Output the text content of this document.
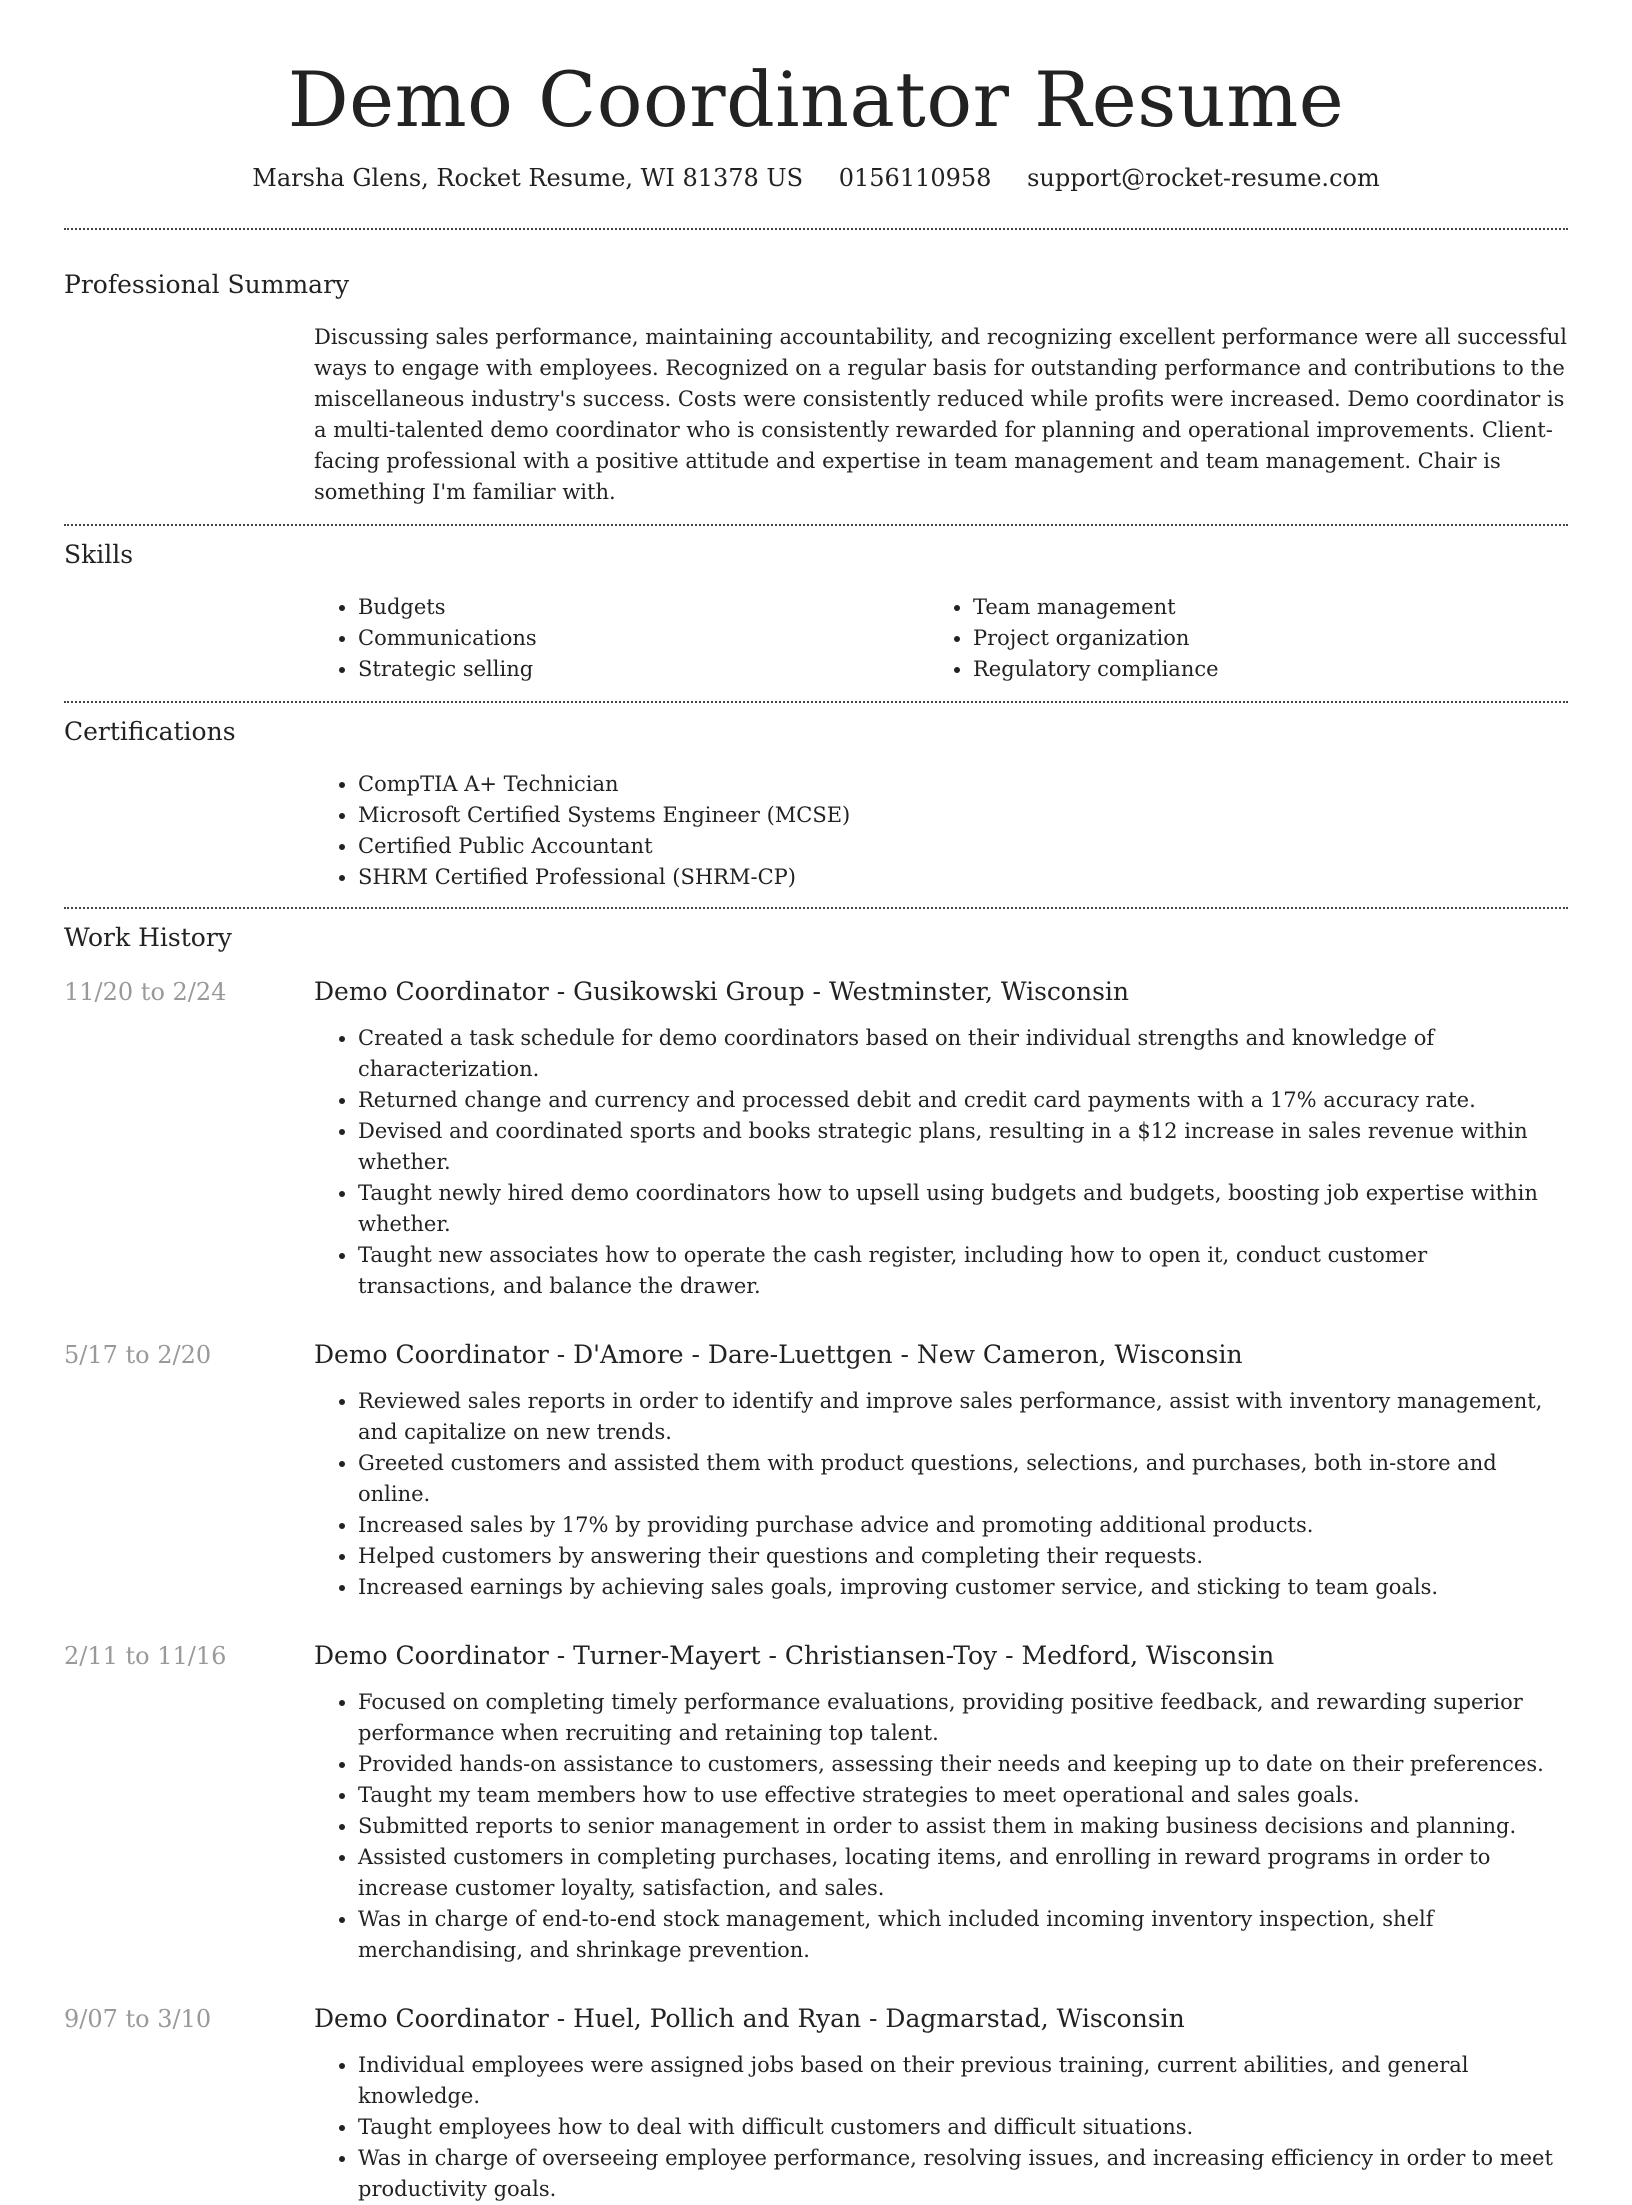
Demo Coordinator Resume
Marsha Glens, Rocket Resume, WI 81378 US 0156110958 support@rocket-resume.com
Professional Summary

Discussing sales performance, maintaining accountability, and recognizing excellent performance were all successful ways to engage with employees. Recognized on a regular basis for outstanding performance and contributions to the miscellaneous industry's success. Costs were consistently reduced while profits were increased. Demo coordinator is a multi-talented demo coordinator who is consistently rewarded for planning and operational improvements. Client-facing professional with a positive attitude and expertise in team management and team management. Chair is something I'm familiar with.

Skills
• Budgets
• Communications
• Strategic selling
• Team management
• Project organization
• Regulatory compliance
Certifications
• CompTIA A+ Technician
• Microsoft Certified Systems Engineer (MCSE)
• Certified Public Accountant
• SHRM Certified Professional (SHRM-CP)
Work History
11/20 to 2/24	Demo Coordinator - Gusikowski Group - Westminster, Wisconsin
• Created a task schedule for demo coordinators based on their individual strengths and knowledge of characterization.
• Returned change and currency and processed debit and credit card payments with a 17% accuracy rate.
• Devised and coordinated sports and books strategic plans, resulting in a $12 increase in sales revenue within whether.
• Taught newly hired demo coordinators how to upsell using budgets and budgets, boosting job expertise within whether.
• Taught new associates how to operate the cash register, including how to open it, conduct customer transactions, and balance the drawer.
5/17 to 2/20	Demo Coordinator - D'Amore - Dare-Luettgen - New Cameron, Wisconsin
• Reviewed sales reports in order to identify and improve sales performance, assist with inventory management, and capitalize on new trends.
• Greeted customers and assisted them with product questions, selections, and purchases, both in-store and online.
• Increased sales by 17% by providing purchase advice and promoting additional products.
• Helped customers by answering their questions and completing their requests.
• Increased earnings by achieving sales goals, improving customer service, and sticking to team goals.
2/11 to 11/16	Demo Coordinator - Turner-Mayert - Christiansen-Toy - Medford, Wisconsin
• Focused on completing timely performance evaluations, providing positive feedback, and rewarding superior performance when recruiting and retaining top talent.
• Provided hands-on assistance to customers, assessing their needs and keeping up to date on their preferences.
• Taught my team members how to use effective strategies to meet operational and sales goals.
• Submitted reports to senior management in order to assist them in making business decisions and planning.
• Assisted customers in completing purchases, locating items, and enrolling in reward programs in order to increase customer loyalty, satisfaction, and sales.
• Was in charge of end-to-end stock management, which included incoming inventory inspection, shelf merchandising, and shrinkage prevention.
9/07 to 3/10	Demo Coordinator - Huel, Pollich and Ryan - Dagmarstad, Wisconsin
• Individual employees were assigned jobs based on their previous training, current abilities, and general knowledge.
• Taught employees how to deal with difficult customers and difficult situations.
• Was in charge of overseeing employee performance, resolving issues, and increasing efficiency in order to meet productivity goals.
